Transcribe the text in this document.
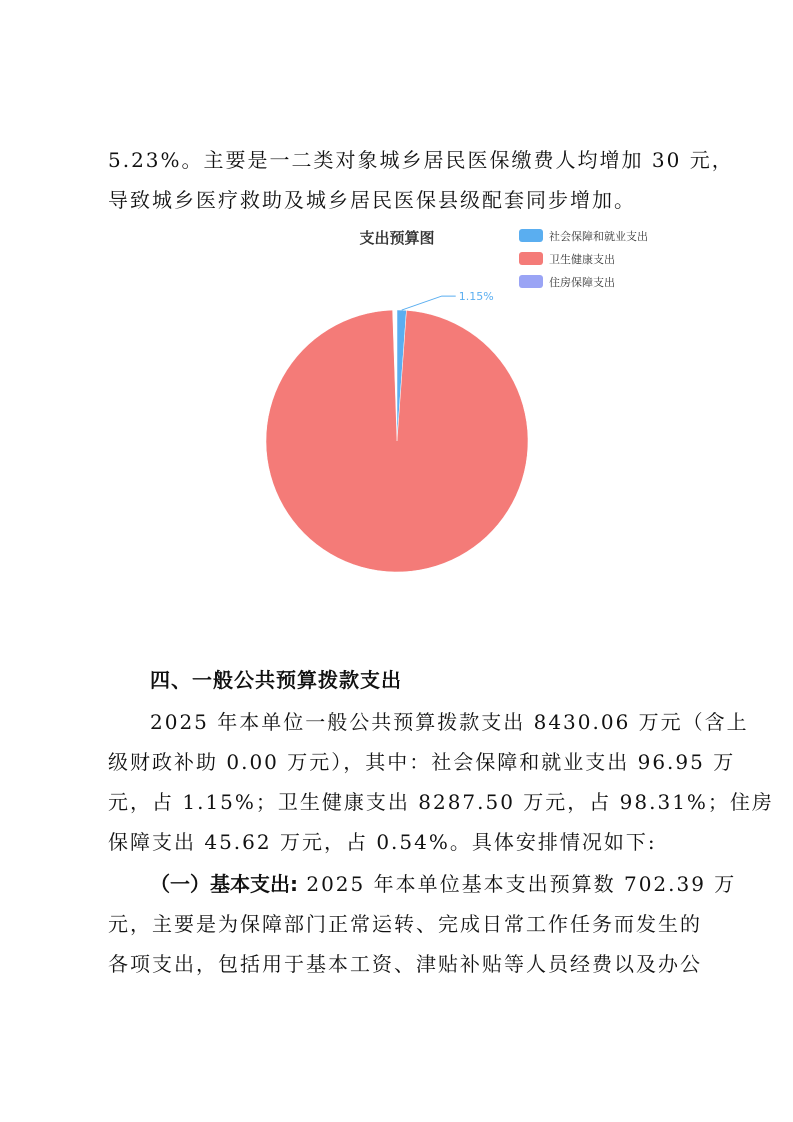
5.23%。主要是一二类对象城乡居民医保缴费人均增加 30 元，
导致城乡医疗救助及城乡居民医保县级配套同步增加。
支出预算图	社会保障和就业支出
卫生健康支出
住房保障支出
1.15%
四、一般公共预算拨款支出
2025 年本单位一般公共预算拨款支出 8430.06 万元（含上
级财政补助 0.00 万元），其中：社会保障和就业支出 96.95 万
元，占 1.15%；卫生健康支出 8287.50 万元，占 98.31%；住房
保障支出 45.62 万元，占 0.54%。具体安排情况如下:
（一）基本支出: 2025 年本单位基本支出预算数 702.39 万
元，主要是为保障部门正常运转、完成日常工作任务而发生的
各项支出，包括用于基本工资、津贴补贴等人员经费以及办公
